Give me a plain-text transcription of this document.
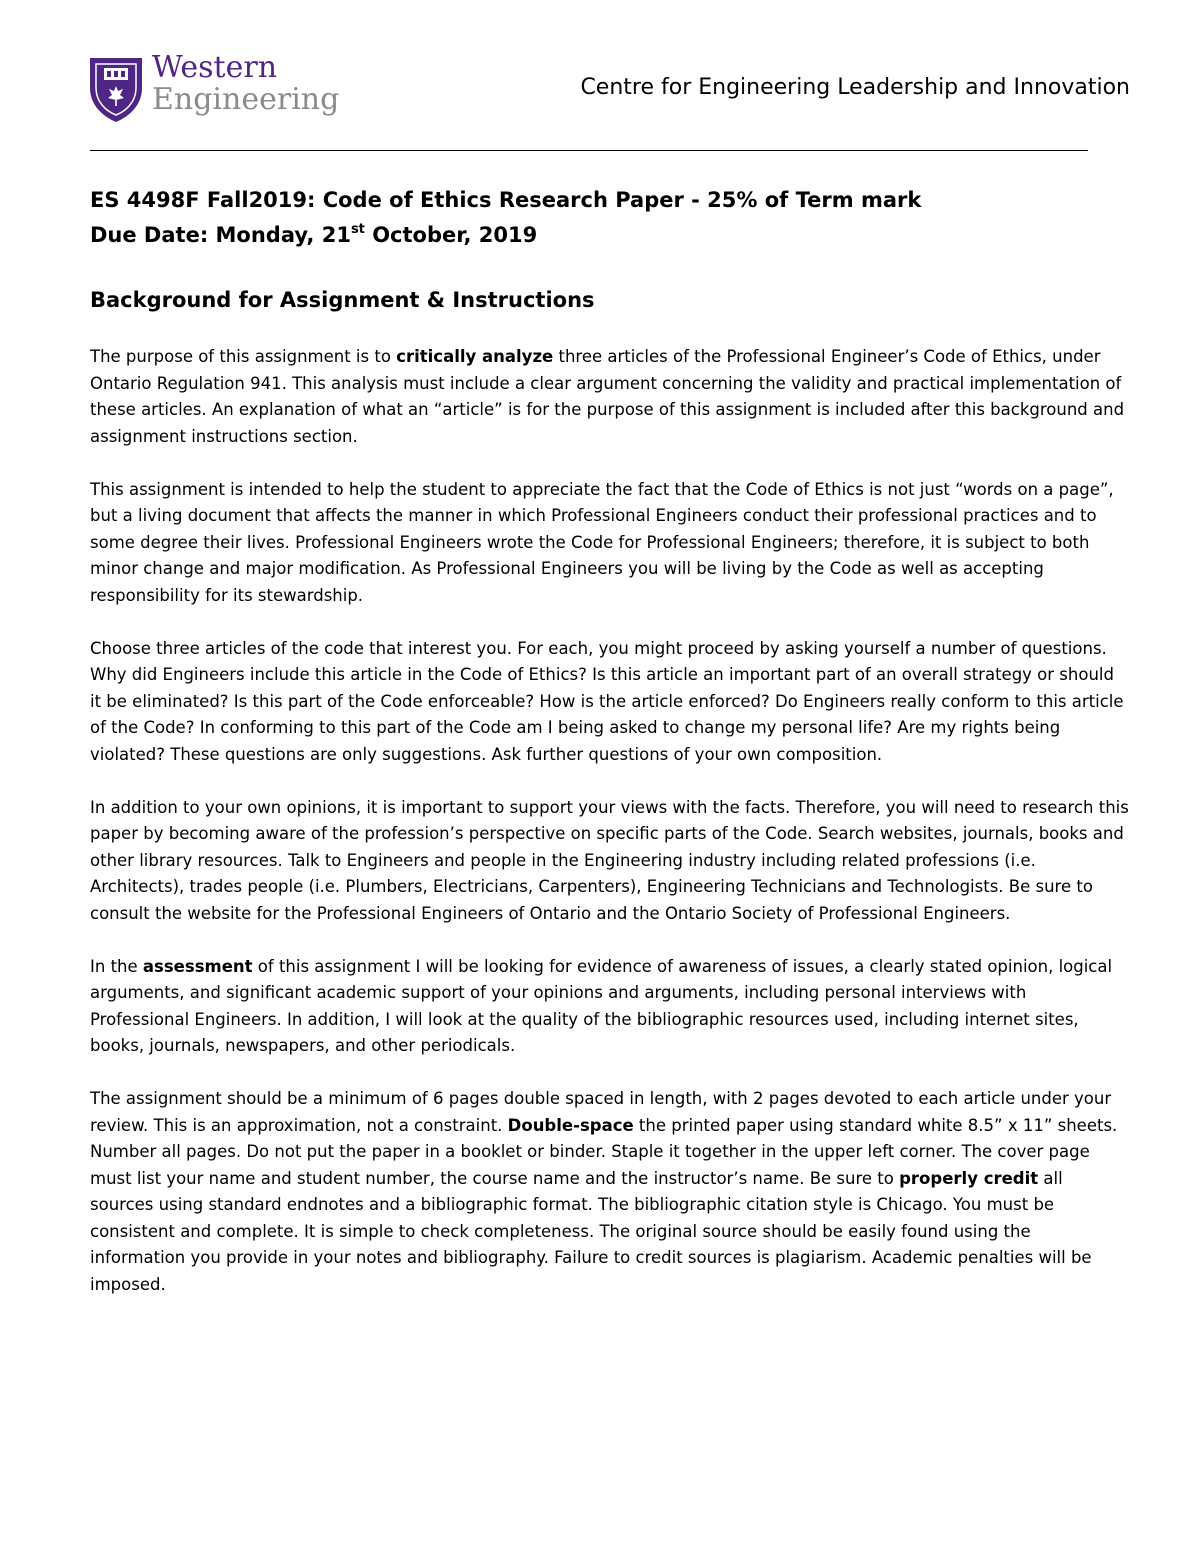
Western
Engineering	Centre for Engineering Leadership and Innovation
ES 4498F Fall2019: Code of Ethics Research Paper - 25% of Term mark
Due Date: Monday, 21st October, 2019
Background for Assignment & Instructions

The purpose of this assignment is to critically analyze three articles of the Professional Engineer’s Code of Ethics, under Ontario Regulation 941. This analysis must include a clear argument concerning the validity and practical implementation of these articles. An explanation of what an “article” is for the purpose of this assignment is included after this background and assignment instructions section.

This assignment is intended to help the student to appreciate the fact that the Code of Ethics is not just “words on a page”, but a living document that affects the manner in which Professional Engineers conduct their professional practices and to some degree their lives. Professional Engineers wrote the Code for Professional Engineers; therefore, it is subject to both minor change and major modification. As Professional Engineers you will be living by the Code as well as accepting responsibility for its stewardship.

Choose three articles of the code that interest you. For each, you might proceed by asking yourself a number of questions. Why did Engineers include this article in the Code of Ethics? Is this article an important part of an overall strategy or should it be eliminated? Is this part of the Code enforceable? How is the article enforced? Do Engineers really conform to this article of the Code? In conforming to this part of the Code am I being asked to change my personal life? Are my rights being violated? These questions are only suggestions. Ask further questions of your own composition.

In addition to your own opinions, it is important to support your views with the facts. Therefore, you will need to research this paper by becoming aware of the profession’s perspective on specific parts of the Code. Search websites, journals, books and other library resources. Talk to Engineers and people in the Engineering industry including related professions (i.e. Architects), trades people (i.e. Plumbers, Electricians, Carpenters), Engineering Technicians and Technologists. Be sure to consult the website for the Professional Engineers of Ontario and the Ontario Society of Professional Engineers.

In the assessment of this assignment I will be looking for evidence of awareness of issues, a clearly stated opinion, logical arguments, and significant academic support of your opinions and arguments, including personal interviews with Professional Engineers. In addition, I will look at the quality of the bibliographic resources used, including internet sites, books, journals, newspapers, and other periodicals.

The assignment should be a minimum of 6 pages double spaced in length, with 2 pages devoted to each article under your review. This is an approximation, not a constraint. Double-space the printed paper using standard white 8.5” x 11” sheets. Number all pages. Do not put the paper in a booklet or binder. Staple it together in the upper left corner. The cover page must list your name and student number, the course name and the instructor’s name. Be sure to properly credit all sources using standard endnotes and a bibliographic format. The bibliographic citation style is Chicago. You must be consistent and complete. It is simple to check completeness. The original source should be easily found using the information you provide in your notes and bibliography. Failure to credit sources is plagiarism. Academic penalties will be imposed.
